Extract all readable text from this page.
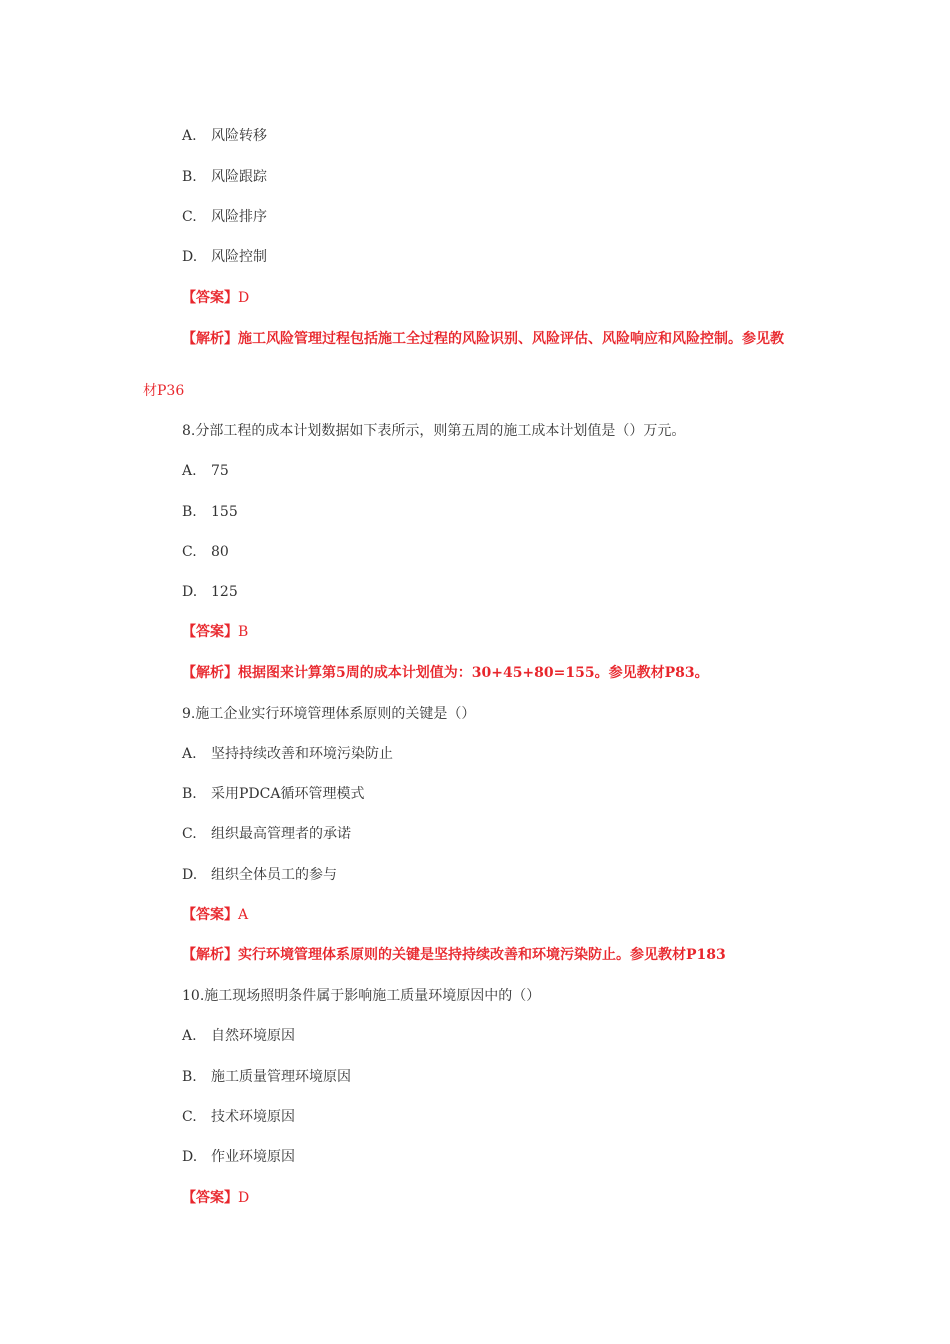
A. 风险转移
B. 风险跟踪
C. 风险排序
D. 风险控制
【答案】D
【解析】施工风险管理过程包括施工全过程的风险识别、风险评估、风险响应和风险控制。参见教
材P36
8.分部工程的成本计划数据如下表所示，则第五周的施工成本计划值是（）万元。
A. 75
B. 155
C. 80
D. 125
【答案】B
【解析】根据图来计算第5周的成本计划值为：30+45+80=155。参见教材P83。
9.施工企业实行环境管理体系原则的关键是（）
A. 坚持持续改善和环境污染防止
B. 采用PDCA循环管理模式
C. 组织最高管理者的承诺
D. 组织全体员工的参与
【答案】A
【解析】实行环境管理体系原则的关键是坚持持续改善和环境污染防止。参见教材P183
10.施工现场照明条件属于影响施工质量环境原因中的（）
A. 自然环境原因
B. 施工质量管理环境原因
C. 技术环境原因
D. 作业环境原因
【答案】D
